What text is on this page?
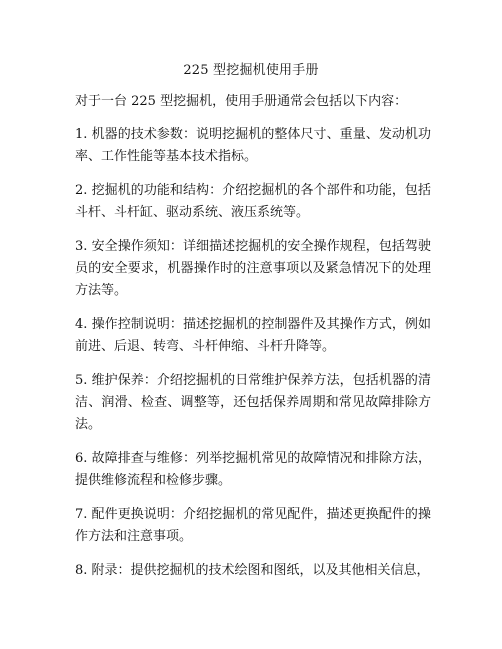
225 型挖掘机使用手册
对于一台 225 型挖掘机，使用手册通常会包括以下内容：

1. 机器的技术参数：说明挖掘机的整体尺寸、重量、发动机功率、工作性能等基本技术指标。

2. 挖掘机的功能和结构：介绍挖掘机的各个部件和功能，包括斗杆、斗杆缸、驱动系统、液压系统等。

3. 安全操作须知：详细描述挖掘机的安全操作规程，包括驾驶员的安全要求，机器操作时的注意事项以及紧急情况下的处理方法等。

4. 操作控制说明：描述挖掘机的控制器件及其操作方式，例如前进、后退、转弯、斗杆伸缩、斗杆升降等。

5. 维护保养：介绍挖掘机的日常维护保养方法，包括机器的清洁、润滑、检查、调整等，还包括保养周期和常见故障排除方法。

6. 故障排查与维修：列举挖掘机常见的故障情况和排除方法，提供维修流程和检修步骤。

7. 配件更换说明：介绍挖掘机的常见配件，描述更换配件的操作方法和注意事项。

8. 附录：提供挖掘机的技术绘图和图纸，以及其他相关信息，
